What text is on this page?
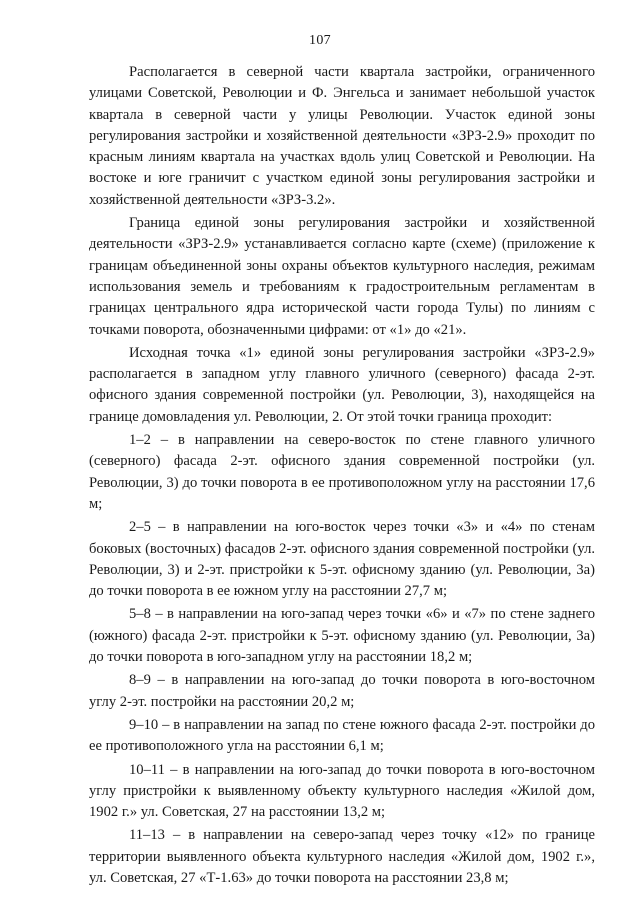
107

Располагается в северной части квартала застройки, ограниченного улицами Советской, Революции и Ф. Энгельса и занимает небольшой участок квартала в северной части у улицы Революции. Участок единой зоны регулирования застройки и хозяйственной деятельности «ЗРЗ-2.9» проходит по красным линиям квартала на участках вдоль улиц Советской и Революции. На востоке и юге граничит с участком единой зоны регулирования застройки и хозяйственной деятельности «ЗРЗ-3.2».

Граница единой зоны регулирования застройки и хозяйственной деятельности «ЗРЗ-2.9» устанавливается согласно карте (схеме) (приложение к границам объединенной зоны охраны объектов культурного наследия, режимам использования земель и требованиям к градостроительным регламентам в границах центрального ядра исторической части города Тулы) по линиям с точками поворота, обозначенными цифрами: от «1» до «21».

Исходная точка «1» единой зоны регулирования застройки «ЗРЗ-2.9» располагается в западном углу главного уличного (северного) фасада 2-эт. офисного здания современной постройки (ул. Революции, 3), находящейся на границе домовладения ул. Революции, 2. От этой точки граница проходит:

1–2 – в направлении на северо-восток по стене главного уличного (северного) фасада 2-эт. офисного здания современной постройки (ул. Революции, 3) до точки поворота в ее противоположном углу на расстоянии 17,6 м;

2–5 – в направлении на юго-восток через точки «3» и «4» по стенам боковых (восточных) фасадов 2-эт. офисного здания современной постройки (ул. Революции, 3) и 2-эт. пристройки к 5-эт. офисному зданию (ул. Революции, 3а) до точки поворота в ее южном углу на расстоянии 27,7 м;

5–8 – в направлении на юго-запад через точки «6» и «7» по стене заднего (южного) фасада 2-эт. пристройки к 5-эт. офисному зданию (ул. Революции, 3а) до точки поворота в юго-западном углу на расстоянии 18,2 м;

8–9 – в направлении на юго-запад до точки поворота в юго-восточном углу 2-эт. постройки на расстоянии 20,2 м;

9–10 – в направлении на запад по стене южного фасада 2-эт. постройки до ее противоположного угла на расстоянии 6,1 м;

10–11 – в направлении на юго-запад до точки поворота в юго-восточном углу пристройки к выявленному объекту культурного наследия «Жилой дом, 1902 г.» ул. Советская, 27 на расстоянии 13,2 м;

11–13 – в направлении на северо-запад через точку «12» по границе территории выявленного объекта культурного наследия «Жилой дом, 1902 г.», ул. Советская, 27 «Т-1.63» до точки поворота на расстоянии 23,8 м;
